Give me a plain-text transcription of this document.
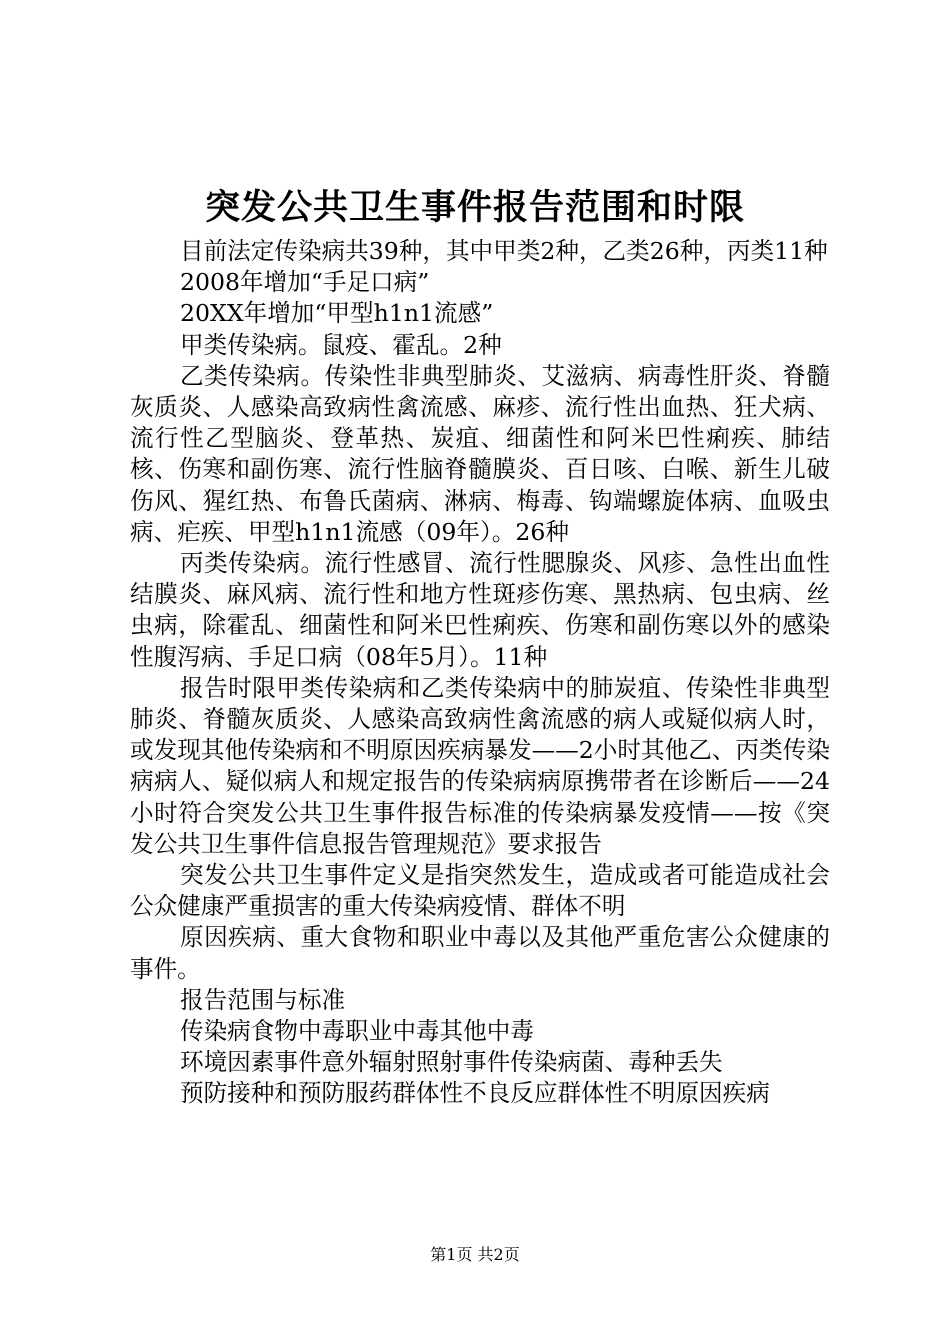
突发公共卫生事件报告范围和时限

目前法定传染病共39种，其中甲类2种，乙类26种，丙类11种

2008年增加“手足口病”

20XX年增加“甲型h1n1流感”

甲类传染病。鼠疫、霍乱。2种

乙类传染病。传染性非典型肺炎、艾滋病、病毒性肝炎、脊髓灰质炎、人感染高致病性禽流感、麻疹、流行性出血热、狂犬病、流行性乙型脑炎、登革热、炭疽、细菌性和阿米巴性痢疾、肺结核、伤寒和副伤寒、流行性脑脊髓膜炎、百日咳、白喉、新生儿破伤风、猩红热、布鲁氏菌病、淋病、梅毒、钩端螺旋体病、血吸虫病、疟疾、甲型h1n1流感（09年）。26种

丙类传染病。流行性感冒、流行性腮腺炎、风疹、急性出血性结膜炎、麻风病、流行性和地方性斑疹伤寒、黑热病、包虫病、丝虫病，除霍乱、细菌性和阿米巴性痢疾、伤寒和副伤寒以外的感染性腹泻病、手足口病（08年5月）。11种

报告时限甲类传染病和乙类传染病中的肺炭疽、传染性非典型肺炎、脊髓灰质炎、人感染高致病性禽流感的病人或疑似病人时，或发现其他传染病和不明原因疾病暴发——2小时其他乙、丙类传染病病人、疑似病人和规定报告的传染病病原携带者在诊断后——24小时符合突发公共卫生事件报告标准的传染病暴发疫情——按《突发公共卫生事件信息报告管理规范》要求报告

突发公共卫生事件定义是指突然发生，造成或者可能造成社会公众健康严重损害的重大传染病疫情、群体不明

原因疾病、重大食物和职业中毒以及其他严重危害公众健康的事件。

报告范围与标准

传染病食物中毒职业中毒其他中毒

环境因素事件意外辐射照射事件传染病菌、毒种丢失

预防接种和预防服药群体性不良反应群体性不明原因疾病

第1页 共2页
